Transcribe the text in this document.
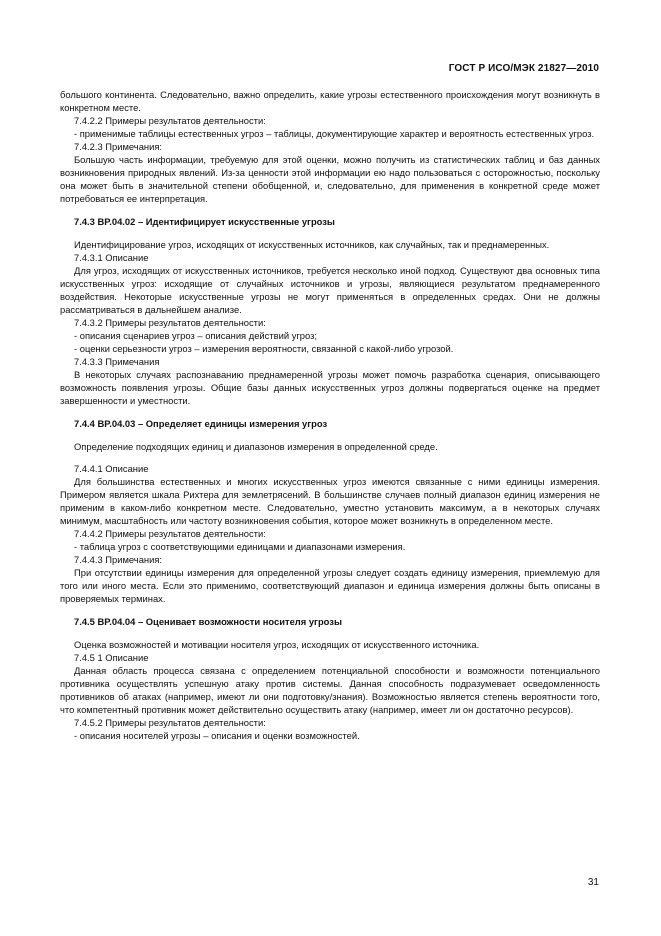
ГОСТ Р ИСО/МЭК 21827—2010

большого континента. Следовательно, важно определить, какие угрозы естественного происхождения могут возникнуть в конкретном месте.

7.4.2.2 Примеры результатов деятельности:

- применимые таблицы естественных угроз – таблицы, документирующие характер и вероятность естественных угроз.

7.4.2.3 Примечания:

Большую часть информации, требуемую для этой оценки, можно получить из статистических таблиц и баз данных возникновения природных явлений. Из-за ценности этой информации ею надо пользоваться с осторожностью, поскольку она может быть в значительной степени обобщенной, и, следовательно, для применения в конкретной среде может потребоваться ее интерпретация.

7.4.3 BP.04.02 – Идентифицирует искусственные угрозы

Идентифицирование угроз, исходящих от искусственных источников, как случайных, так и преднамеренных.

7.4.3.1 Описание

Для угроз, исходящих от искусственных источников, требуется несколько иной подход. Существуют два основных типа искусственных угроз: исходящие от случайных источников и угрозы, являющиеся результатом преднамеренного воздействия. Некоторые искусственные угрозы не могут применяться в определенных средах. Они не должны рассматриваться в дальнейшем анализе.

7.4.3.2 Примеры результатов деятельности:

- описания сценариев угроз – описания действий угроз;

- оценки серьезности угроз – измерения вероятности, связанной с какой-либо угрозой.

7.4.3.3 Примечания

В некоторых случаях распознаванию преднамеренной угрозы может помочь разработка сценария, описывающего возможность появления угрозы. Общие базы данных искусственных угроз должны подвергаться оценке на предмет завершенности и уместности.

7.4.4 BP.04.03 – Определяет единицы измерения угроз

Определение подходящих единиц и диапазонов измерения в определенной среде.

7.4.4.1 Описание

Для большинства естественных и многих искусственных угроз имеются связанные с ними единицы измерения. Примером является шкала Рихтера для землетрясений. В большинстве случаев полный диапазон единиц измерения не применим в каком-либо конкретном месте. Следовательно, уместно установить максимум, а в некоторых случаях минимум, масштабность или частоту возникновения события, которое может возникнуть в определенном месте.

7.4.4.2 Примеры результатов деятельности:

- таблица угроз с соответствующими единицами и диапазонами измерения.

7.4.4.3 Примечания:

При отсутствии единицы измерения для определенной угрозы следует создать единицу измерения, приемлемую для того или иного места. Если это применимо, соответствующий диапазон и единица измерения должны быть описаны в проверяемых терминах.

7.4.5 BP.04.04 – Оценивает возможности носителя угрозы

Оценка возможностей и мотивации носителя угроз, исходящих от искусственного источника.

7.4.5 1 Описание

Данная область процесса связана с определением потенциальной способности и возможности потенциального противника осуществлять успешную атаку против системы. Данная способность подразумевает осведомленность противников об атаках (например, имеют ли они подготовку/знания). Возможностью является степень вероятности того, что компетентный противник может действительно осуществить атаку (например, имеет ли он достаточно ресурсов).

7.4.5.2 Примеры результатов деятельности:

- описания носителей угрозы – описания и оценки возможностей.

31
